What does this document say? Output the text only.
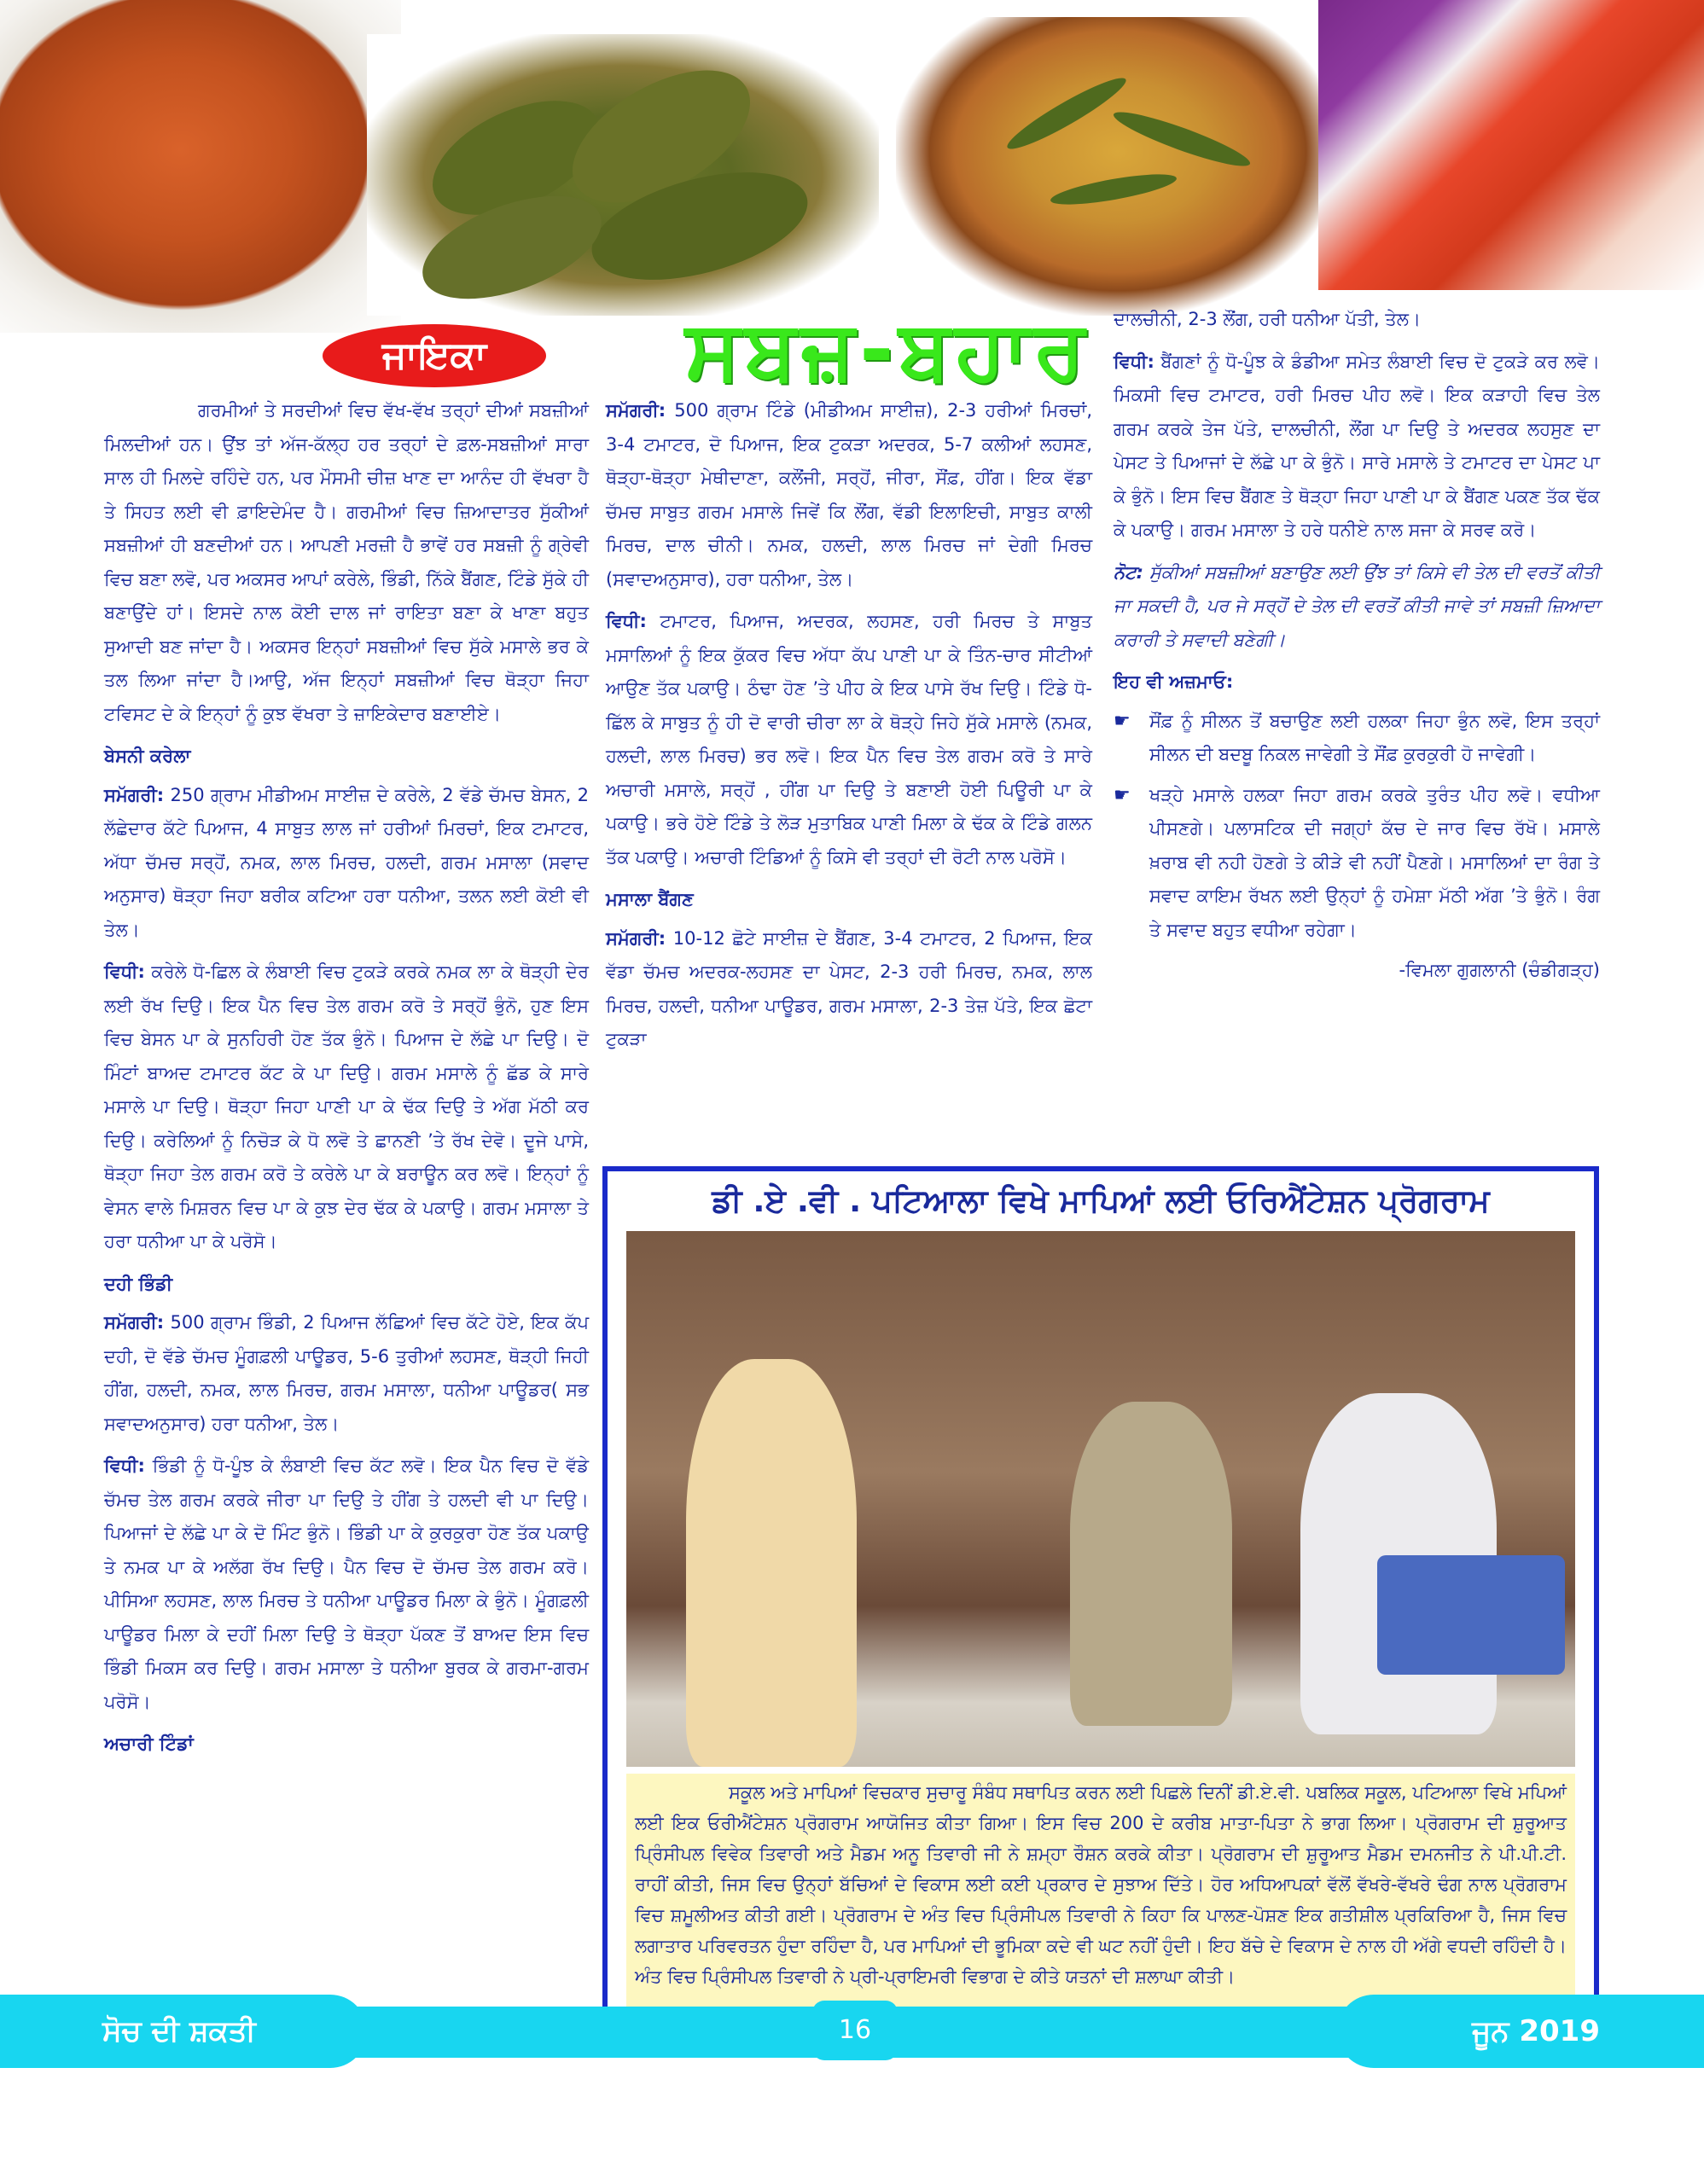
ਜਾਇਕਾ	ਸਬਜ਼-ਬਹਾਰ

ਗਰਮੀਆਂ ਤੇ ਸਰਦੀਆਂ ਵਿਚ ਵੱਖ-ਵੱਖ ਤਰ੍ਹਾਂ ਦੀਆਂ ਸਬਜ਼ੀਆਂ ਮਿਲਦੀਆਂ ਹਨ। ਉਂਝ ਤਾਂ ਅੱਜ-ਕੱਲ੍ਹ ਹਰ ਤਰ੍ਹਾਂ ਦੇ ਫ਼ਲ-ਸਬਜ਼ੀਆਂ ਸਾਰਾ ਸਾਲ ਹੀ ਮਿਲਦੇ ਰਹਿੰਦੇ ਹਨ, ਪਰ ਮੌਸਮੀ ਚੀਜ਼ ਖਾਣ ਦਾ ਆਨੰਦ ਹੀ ਵੱਖਰਾ ਹੈ ਤੇ ਸਿਹਤ ਲਈ ਵੀ ਫ਼ਾਇਦੇਮੰਦ ਹੈ। ਗਰਮੀਆਂ ਵਿਚ ਜ਼ਿਆਦਾਤਰ ਸੁੱਕੀਆਂ ਸਬਜ਼ੀਆਂ ਹੀ ਬਣਦੀਆਂ ਹਨ। ਆਪਣੀ ਮਰਜ਼ੀ ਹੈ ਭਾਵੇਂ ਹਰ ਸਬਜ਼ੀ ਨੂੰ ਗ੍ਰੇਵੀ ਵਿਚ ਬਣਾ ਲਵੋ, ਪਰ ਅਕਸਰ ਆਪਾਂ ਕਰੇਲੇ, ਭਿੰਡੀ, ਨਿੱਕੇ ਬੈਂਗਣ, ਟਿੰਡੇ ਸੁੱਕੇ ਹੀ ਬਣਾਉਂਦੇ ਹਾਂ। ਇਸਦੇ ਨਾਲ ਕੋਈ ਦਾਲ ਜਾਂ ਰਾਇਤਾ ਬਣਾ ਕੇ ਖਾਣਾ ਬਹੁਤ ਸੁਆਦੀ ਬਣ ਜਾਂਦਾ ਹੈ। ਅਕਸਰ ਇਨ੍ਹਾਂ ਸਬਜ਼ੀਆਂ ਵਿਚ ਸੁੱਕੇ ਮਸਾਲੇ ਭਰ ਕੇ ਤਲ ਲਿਆ ਜਾਂਦਾ ਹੈ।ਆਉ, ਅੱਜ ਇਨ੍ਹਾਂ ਸਬਜ਼ੀਆਂ ਵਿਚ ਥੋੜ੍ਹਾ ਜਿਹਾ ਟਵਿਸਟ ਦੇ ਕੇ ਇਨ੍ਹਾਂ ਨੂੰ ਕੁਝ ਵੱਖਰਾ ਤੇ ਜ਼ਾਇਕੇਦਾਰ ਬਣਾਈਏ।

ਬੇਸਨੀ ਕਰੇਲਾ

ਸਮੱਗਰੀ: 250 ਗ੍ਰਾਮ ਮੀਡੀਅਮ ਸਾਈਜ਼ ਦੇ ਕਰੇਲੇ, 2 ਵੱਡੇ ਚੱਮਚ ਬੇਸਨ, 2 ਲੱਛੇਦਾਰ ਕੱਟੇ ਪਿਆਜ, 4 ਸਾਬੁਤ ਲਾਲ ਜਾਂ ਹਰੀਆਂ ਮਿਰਚਾਂ, ਇਕ ਟਮਾਟਰ, ਅੱਧਾ ਚੱਮਚ ਸਰ੍ਹੋਂ, ਨਮਕ, ਲਾਲ ਮਿਰਚ, ਹਲਦੀ, ਗਰਮ ਮਸਾਲਾ (ਸਵਾਦ ਅਨੁਸਾਰ) ਥੋੜ੍ਹਾ ਜਿਹਾ ਬਰੀਕ ਕਟਿਆ ਹਰਾ ਧਨੀਆ, ਤਲਨ ਲਈ ਕੋਈ ਵੀ ਤੇਲ।

ਵਿਧੀ: ਕਰੇਲੇ ਧੋ-ਛਿਲ ਕੇ ਲੰਬਾਈ ਵਿਚ ਟੁਕੜੇ ਕਰਕੇ ਨਮਕ ਲਾ ਕੇ ਥੋੜ੍ਹੀ ਦੇਰ ਲਈ ਰੱਖ ਦਿਉ। ਇਕ ਪੈਨ ਵਿਚ ਤੇਲ ਗਰਮ ਕਰੋ ਤੇ ਸਰ੍ਹੋਂ ਭੁੰਨੋ, ਹੁਣ ਇਸ ਵਿਚ ਬੇਸਨ ਪਾ ਕੇ ਸੁਨਹਿਰੀ ਹੋਣ ਤੱਕ ਭੁੰਨੋ। ਪਿਆਜ ਦੇ ਲੱਛੇ ਪਾ ਦਿਉ। ਦੋ ਮਿੰਟਾਂ ਬਾਅਦ ਟਮਾਟਰ ਕੱਟ ਕੇ ਪਾ ਦਿਉ। ਗਰਮ ਮਸਾਲੇ ਨੂੰ ਛੱਡ ਕੇ ਸਾਰੇ ਮਸਾਲੇ ਪਾ ਦਿਉ। ਥੋੜ੍ਹਾ ਜਿਹਾ ਪਾਣੀ ਪਾ ਕੇ ਢੱਕ ਦਿਉ ਤੇ ਅੱਗ ਮੱਠੀ ਕਰ ਦਿਉ। ਕਰੇਲਿਆਂ ਨੂੰ ਨਿਚੋੜ ਕੇ ਧੋ ਲਵੋ ਤੇ ਛਾਨਣੀ ’ਤੇ ਰੱਖ ਦੇਵੋ। ਦੂਜੇ ਪਾਸੇ, ਥੋੜ੍ਹਾ ਜਿਹਾ ਤੇਲ ਗਰਮ ਕਰੋ ਤੇ ਕਰੇਲੇ ਪਾ ਕੇ ਬਰਾਊਨ ਕਰ ਲਵੋ। ਇਨ੍ਹਾਂ ਨੂੰ ਵੇਸਨ ਵਾਲੇ ਮਿਸ਼ਰਨ ਵਿਚ ਪਾ ਕੇ ਕੁਝ ਦੇਰ ਢੱਕ ਕੇ ਪਕਾਉ। ਗਰਮ ਮਸਾਲਾ ਤੇ ਹਰਾ ਧਨੀਆ ਪਾ ਕੇ ਪਰੋਸੋ।

ਦਹੀ ਭਿੰਡੀ

ਸਮੱਗਰੀ: 500 ਗ੍ਰਾਮ ਭਿੰਡੀ, 2 ਪਿਆਜ ਲੱਛਿਆਂ ਵਿਚ ਕੱਟੇ ਹੋਏ, ਇਕ ਕੱਪ ਦਹੀ, ਦੋ ਵੱਡੇ ਚੱਮਚ ਮੂੰਗਫ਼ਲੀ ਪਾਊਡਰ, 5-6 ਤੁਰੀਆਂ ਲਹਸਣ, ਥੋੜ੍ਹੀ ਜਿਹੀ ਹੀਂਗ, ਹਲਦੀ, ਨਮਕ, ਲਾਲ ਮਿਰਚ, ਗਰਮ ਮਸਾਲਾ, ਧਨੀਆ ਪਾਊਡਰ( ਸਭ ਸਵਾਦਅਨੁਸਾਰ) ਹਰਾ ਧਨੀਆ, ਤੇਲ।

ਵਿਧੀ: ਭਿੰਡੀ ਨੂੰ ਧੋ-ਪੂੰਝ ਕੇ ਲੰਬਾਈ ਵਿਚ ਕੱਟ ਲਵੋ। ਇਕ ਪੈਨ ਵਿਚ ਦੋ ਵੱਡੇ ਚੱਮਚ ਤੇਲ ਗਰਮ ਕਰਕੇ ਜੀਰਾ ਪਾ ਦਿਉ ਤੇ ਹੀਂਗ ਤੇ ਹਲਦੀ ਵੀ ਪਾ ਦਿਉ। ਪਿਆਜਾਂ ਦੇ ਲੱਛੇ ਪਾ ਕੇ ਦੋ ਮਿੰਟ ਭੁੰਨੋ। ਭਿੰਡੀ ਪਾ ਕੇ ਕੁਰਕੁਰਾ ਹੋਣ ਤੱਕ ਪਕਾਉ ਤੇ ਨਮਕ ਪਾ ਕੇ ਅਲੱਗ ਰੱਖ ਦਿਉ। ਪੈਨ ਵਿਚ ਦੋ ਚੱਮਚ ਤੇਲ ਗਰਮ ਕਰੋ। ਪੀਸਿਆ ਲਹਸਣ, ਲਾਲ ਮਿਰਚ ਤੇ ਧਨੀਆ ਪਾਊਡਰ ਮਿਲਾ ਕੇ ਭੁੰਨੋ। ਮੂੰਗਫ਼ਲੀ ਪਾਊਡਰ ਮਿਲਾ ਕੇ ਦਹੀਂ ਮਿਲਾ ਦਿਉ ਤੇ ਥੋੜ੍ਹਾ ਪੱਕਣ ਤੋਂ ਬਾਅਦ ਇਸ ਵਿਚ ਭਿੰਡੀ ਮਿਕਸ ਕਰ ਦਿਉ। ਗਰਮ ਮਸਾਲਾ ਤੇ ਧਨੀਆ ਬੁਰਕ ਕੇ ਗਰਮਾ-ਗਰਮ ਪਰੋਸੋ।

ਅਚਾਰੀ ਟਿੰਡਾਂ

ਸਮੱਗਰੀ: 500 ਗ੍ਰਾਮ ਟਿੰਡੇ (ਮੀਡੀਅਮ ਸਾਈਜ਼), 2-3 ਹਰੀਆਂ ਮਿਰਚਾਂ, 3-4 ਟਮਾਟਰ, ਦੋ ਪਿਆਜ, ਇਕ ਟੁਕੜਾ ਅਦਰਕ, 5-7 ਕਲੀਆਂ ਲਹਸਣ, ਥੋੜ੍ਹਾ-ਥੋੜ੍ਹਾ ਮੇਥੀਦਾਣਾ, ਕਲੌਂਜੀ, ਸਰ੍ਹੋਂ, ਜੀਰਾ, ਸੌਂਫ਼, ਹੀਂਗ। ਇਕ ਵੱਡਾ ਚੱਮਚ ਸਾਬੁਤ ਗਰਮ ਮਸਾਲੇ ਜਿਵੇਂ ਕਿ ਲੌਂਗ, ਵੱਡੀ ਇਲਾਇਚੀ, ਸਾਬੁਤ ਕਾਲੀ ਮਿਰਚ, ਦਾਲ ਚੀਨੀ। ਨਮਕ, ਹਲਦੀ, ਲਾਲ ਮਿਰਚ ਜਾਂ ਦੇਗੀ ਮਿਰਚ (ਸਵਾਦਅਨੁਸਾਰ), ਹਰਾ ਧਨੀਆ, ਤੇਲ।

ਵਿਧੀ: ਟਮਾਟਰ, ਪਿਆਜ, ਅਦਰਕ, ਲਹਸਣ, ਹਰੀ ਮਿਰਚ ਤੇ ਸਾਬੁਤ ਮਸਾਲਿਆਂ ਨੂੰ ਇਕ ਕੁੱਕਰ ਵਿਚ ਅੱਧਾ ਕੱਪ ਪਾਣੀ ਪਾ ਕੇ ਤਿੰਨ-ਚਾਰ ਸੀਟੀਆਂ ਆਉਣ ਤੱਕ ਪਕਾਉ। ਠੰਢਾ ਹੋਣ ’ਤੇ ਪੀਹ ਕੇ ਇਕ ਪਾਸੇ ਰੱਖ ਦਿਉ। ਟਿੰਡੇ ਧੋ- ਛਿੱਲ ਕੇ ਸਾਬੁਤ ਨੂੰ ਹੀ ਦੋ ਵਾਰੀ ਚੀਰਾ ਲਾ ਕੇ ਥੋੜ੍ਹੇ ਜਿਹੇ ਸੁੱਕੇ ਮਸਾਲੇ (ਨਮਕ, ਹਲਦੀ, ਲਾਲ ਮਿਰਚ) ਭਰ ਲਵੋ। ਇਕ ਪੈਨ ਵਿਚ ਤੇਲ ਗਰਮ ਕਰੋ ਤੇ ਸਾਰੇ ਅਚਾਰੀ ਮਸਾਲੇ, ਸਰ੍ਹੋਂ , ਹੀਂਗ ਪਾ ਦਿਉ ਤੇ ਬਣਾਈ ਹੋਈ ਪਿਊਰੀ ਪਾ ਕੇ ਪਕਾਉ। ਭਰੇ ਹੋਏ ਟਿੰਡੇ ਤੇ ਲੋੜ ਮੁਤਾਬਿਕ ਪਾਣੀ ਮਿਲਾ ਕੇ ਢੱਕ ਕੇ ਟਿੰਡੇ ਗਲਨ ਤੱਕ ਪਕਾਉ। ਅਚਾਰੀ ਟਿੰਡਿਆਂ ਨੂੰ ਕਿਸੇ ਵੀ ਤਰ੍ਹਾਂ ਦੀ ਰੋਟੀ ਨਾਲ ਪਰੋਸੋ।

ਮਸਾਲਾ ਬੈਂਗਣ

ਸਮੱਗਰੀ: 10-12 ਛੋਟੇ ਸਾਈਜ਼ ਦੇ ਬੈਂਗਣ, 3-4 ਟਮਾਟਰ, 2 ਪਿਆਜ, ਇਕ ਵੱਡਾ ਚੱਮਚ ਅਦਰਕ-ਲਹਸਣ ਦਾ ਪੇਸਟ, 2-3 ਹਰੀ ਮਿਰਚ, ਨਮਕ, ਲਾਲ ਮਿਰਚ, ਹਲਦੀ, ਧਨੀਆ ਪਾਊਡਰ, ਗਰਮ ਮਸਾਲਾ, 2-3 ਤੇਜ਼ ਪੱਤੇ, ਇਕ ਛੋਟਾ ਟੁਕੜਾ

ਦਾਲਚੀਨੀ, 2-3 ਲੌਂਗ, ਹਰੀ ਧਨੀਆ ਪੱਤੀ, ਤੇਲ।

ਵਿਧੀ: ਬੈਂਗਣਾਂ ਨੂੰ ਧੋ-ਪੂੰਝ ਕੇ ਡੰਡੀਆ ਸਮੇਤ ਲੰਬਾਈ ਵਿਚ ਦੋ ਟੁਕੜੇ ਕਰ ਲਵੋ। ਮਿਕਸੀ ਵਿਚ ਟਮਾਟਰ, ਹਰੀ ਮਿਰਚ ਪੀਹ ਲਵੋ। ਇਕ ਕੜਾਹੀ ਵਿਚ ਤੇਲ ਗਰਮ ਕਰਕੇ ਤੇਜ ਪੱਤੇ, ਦਾਲਚੀਨੀ, ਲੌਂਗ ਪਾ ਦਿਉ ਤੇ ਅਦਰਕ ਲਹਸੁਣ ਦਾ ਪੇਸਟ ਤੇ ਪਿਆਜਾਂ ਦੇ ਲੱਛੇ ਪਾ ਕੇ ਭੁੰਨੋ। ਸਾਰੇ ਮਸਾਲੇ ਤੇ ਟਮਾਟਰ ਦਾ ਪੇਸਟ ਪਾ ਕੇ ਭੁੰਨੋ। ਇਸ ਵਿਚ ਬੈਂਗਣ ਤੇ ਥੋੜ੍ਹਾ ਜਿਹਾ ਪਾਣੀ ਪਾ ਕੇ ਬੈਂਗਣ ਪਕਣ ਤੱਕ ਢੱਕ ਕੇ ਪਕਾਉ। ਗਰਮ ਮਸਾਲਾ ਤੇ ਹਰੇ ਧਨੀਏ ਨਾਲ ਸਜਾ ਕੇ ਸਰਵ ਕਰੋ।

ਨੋਟ: ਸੁੱਕੀਆਂ ਸਬਜ਼ੀਆਂ ਬਣਾਉਣ ਲਈ ਉਂਝ ਤਾਂ ਕਿਸੇ ਵੀ ਤੇਲ ਦੀ ਵਰਤੋਂ ਕੀਤੀ ਜਾ ਸਕਦੀ ਹੈ, ਪਰ ਜੇ ਸਰ੍ਹੋਂ ਦੇ ਤੇਲ ਦੀ ਵਰਤੋਂ ਕੀਤੀ ਜਾਵੇ ਤਾਂ ਸਬਜ਼ੀ ਜ਼ਿਆਦਾ ਕਰਾਰੀ ਤੇ ਸਵਾਦੀ ਬਣੇਗੀ।

ਇਹ ਵੀ ਅਜ਼ਮਾਓ:

☛ ਸੌਂਫ਼ ਨੂੰ ਸੀਲਨ ਤੋਂ ਬਚਾਉਣ ਲਈ ਹਲਕਾ ਜਿਹਾ ਭੁੰਨ ਲਵੋ, ਇਸ ਤਰ੍ਹਾਂ ਸੀਲਨ ਦੀ ਬਦਬੂ ਨਿਕਲ ਜਾਵੇਗੀ ਤੇ ਸੌਂਫ਼ ਕੁਰਕੁਰੀ ਹੋ ਜਾਵੇਗੀ।
☛ ਖੜ੍ਹੇ ਮਸਾਲੇ ਹਲਕਾ ਜਿਹਾ ਗਰਮ ਕਰਕੇ ਤੁਰੰਤ ਪੀਹ ਲਵੋ। ਵਧੀਆ ਪੀਸਣਗੇ। ਪਲਾਸਟਿਕ ਦੀ ਜਗ੍ਹਾਂ ਕੱਚ ਦੇ ਜਾਰ ਵਿਚ ਰੱਖੋ। ਮਸਾਲੇ ਖ਼ਰਾਬ ਵੀ ਨਹੀ ਹੋਣਗੇ ਤੇ ਕੀੜੇ ਵੀ ਨਹੀਂ ਪੈਣਗੇ। ਮਸਾਲਿਆਂ ਦਾ ਰੰਗ ਤੇ ਸਵਾਦ ਕਾਇਮ ਰੱਖਨ ਲਈ ਉਨ੍ਹਾਂ ਨੂੰ ਹਮੇਸ਼ਾ ਮੱਠੀ ਅੱਗ ’ਤੇ ਭੁੰਨੋ। ਰੰਗ ਤੇ ਸਵਾਦ ਬਹੁਤ ਵਧੀਆ ਰਹੇਗਾ।

-ਵਿਮਲਾ ਗੁਗਲਾਨੀ (ਚੰਡੀਗੜ੍ਹ)

ਡੀ .ਏ .ਵੀ . ਪਟਿਆਲਾ ਵਿਖੇ ਮਾਪਿਆਂ ਲਈ ਓਰਿਐਂਟੇਸ਼ਨ ਪ੍ਰੋਗਰਾਮ
ਸਕੂਲ ਅਤੇ ਮਾਪਿਆਂ ਵਿਚਕਾਰ ਸੁਚਾਰੂ ਸੰਬੰਧ ਸਥਾਪਿਤ ਕਰਨ ਲਈ ਪਿਛਲੇ ਦਿਨੀਂ ਡੀ.ਏ.ਵੀ. ਪਬਲਿਕ ਸਕੂਲ, ਪਟਿਆਲਾ ਵਿਖੇ ਮਪਿਆਂ ਲਈ ਇਕ ਓਰੀਐਂਟੇਸ਼ਨ ਪ੍ਰੋਗਰਾਮ ਆਯੋਜਿਤ ਕੀਤਾ ਗਿਆ। ਇਸ ਵਿਚ 200 ਦੇ ਕਰੀਬ ਮਾਤਾ-ਪਿਤਾ ਨੇ ਭਾਗ ਲਿਆ। ਪ੍ਰੋਗਰਾਮ ਦੀ ਸ਼ੁਰੂਆਤ ਪ੍ਰਿੰਸੀਪਲ ਵਿਵੇਕ ਤਿਵਾਰੀ ਅਤੇ ਮੈਡਮ ਅਨੂ ਤਿਵਾਰੀ ਜੀ ਨੇ ਸ਼ਮ੍ਹਾ ਰੌਸ਼ਨ ਕਰਕੇ ਕੀਤਾ। ਪ੍ਰੋਗਰਾਮ ਦੀ ਸ਼ੁਰੂਆਤ ਮੈਡਮ ਦਮਨਜੀਤ ਨੇ ਪੀ.ਪੀ.ਟੀ. ਰਾਹੀਂ ਕੀਤੀ, ਜਿਸ ਵਿਚ ਉਨ੍ਹਾਂ ਬੱਚਿਆਂ ਦੇ ਵਿਕਾਸ ਲਈ ਕਈ ਪ੍ਰਕਾਰ ਦੇ ਸੁਝਾਅ ਦਿੱਤੇ। ਹੋਰ ਅਧਿਆਪਕਾਂ ਵੱਲੋਂ ਵੱਖਰੇ-ਵੱਖਰੇ ਢੰਗ ਨਾਲ ਪ੍ਰੋਗਰਾਮ ਵਿਚ ਸ਼ਮੂਲੀਅਤ ਕੀਤੀ ਗਈ। ਪ੍ਰੋਗਰਾਮ ਦੇ ਅੰਤ ਵਿਚ ਪ੍ਰਿੰਸੀਪਲ ਤਿਵਾਰੀ ਨੇ ਕਿਹਾ ਕਿ ਪਾਲਣ-ਪੋਸ਼ਣ ਇਕ ਗਤੀਸ਼ੀਲ ਪ੍ਰਕਿਰਿਆ ਹੈ, ਜਿਸ ਵਿਚ ਲਗਾਤਾਰ ਪਰਿਵਰਤਨ ਹੁੰਦਾ ਰਹਿੰਦਾ ਹੈ, ਪਰ ਮਾਪਿਆਂ ਦੀ ਭੂਮਿਕਾ ਕਦੇ ਵੀ ਘਟ ਨਹੀਂ ਹੁੰਦੀ। ਇਹ ਬੱਚੇ ਦੇ ਵਿਕਾਸ ਦੇ ਨਾਲ ਹੀ ਅੱਗੇ ਵਧਦੀ ਰਹਿੰਦੀ ਹੈ। ਅੰਤ ਵਿਚ ਪ੍ਰਿੰਸੀਪਲ ਤਿਵਾਰੀ ਨੇ ਪ੍ਰੀ-ਪ੍ਰਾਇਮਰੀ ਵਿਭਾਗ ਦੇ ਕੀਤੇ ਯਤਨਾਂ ਦੀ ਸ਼ਲਾਘਾ ਕੀਤੀ।
ਸੋਚ ਦੀ ਸ਼ਕਤੀ	16	ਜੂਨ 2019
